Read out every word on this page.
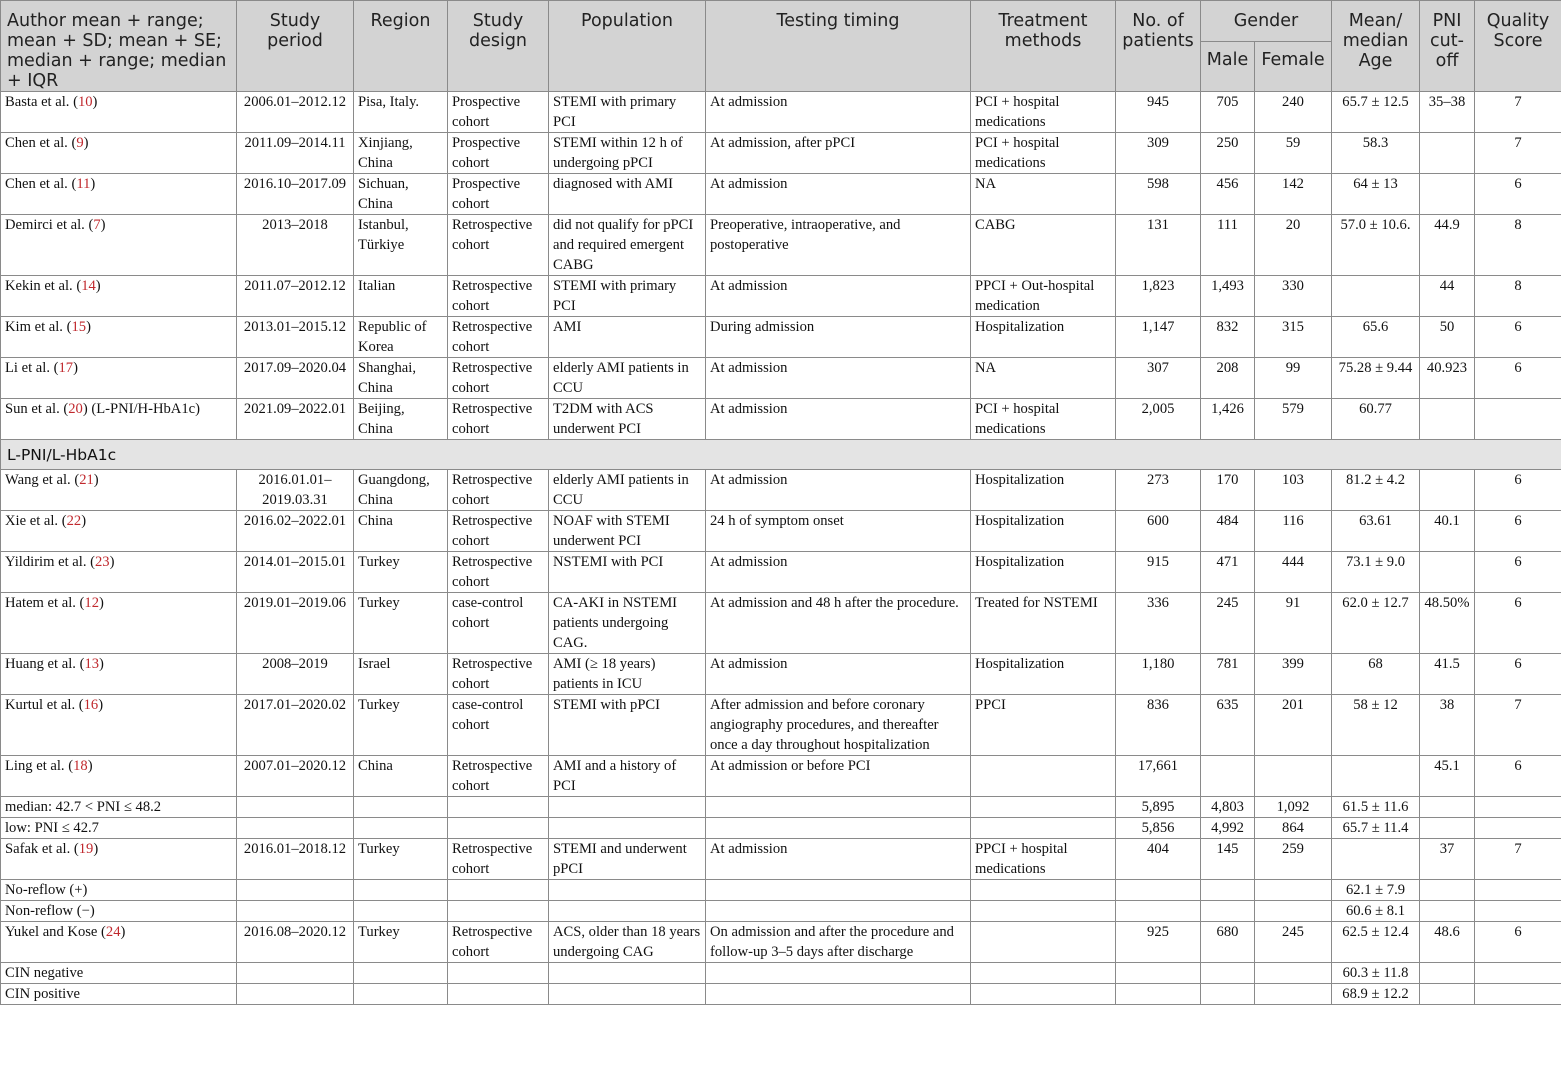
Author mean + range; mean + SD; mean + SE; median + range; median + IQR	Study period	Region	Study design	Population	Testing timing	Treatment methods	No. of patients	Gender		Mean/ median Age	PNI cut-off	Quality Score
								Male	Female			
Basta et al. (10)	2006.01–2012.12	Pisa, Italy.	Prospective cohort	STEMI with primary PCI	At admission	PCI + hospital medications	945	705	240	65.7 ± 12.5	35–38	7
Chen et al. (9)	2011.09–2014.11	Xinjiang, China	Prospective cohort	STEMI within 12 h of undergoing pPCI	At admission, after pPCI	PCI + hospital medications	309	250	59	58.3		7
Chen et al. (11)	2016.10–2017.09	Sichuan, China	Prospective cohort	diagnosed with AMI	At admission	NA	598	456	142	64 ± 13		6
Demirci et al. (7)	2013–2018	Istanbul, Türkiye	Retrospective cohort	did not qualify for pPCI and required emergent CABG	Preoperative, intraoperative, and postoperative	CABG	131	111	20	57.0 ± 10.6.	44.9	8
Kekin et al. (14)	2011.07–2012.12	Italian	Retrospective cohort	STEMI with primary PCI	At admission	PPCI + Out-hospital medication	1,823	1,493	330		44	8
Kim et al. (15)	2013.01–2015.12	Republic of Korea	Retrospective cohort	AMI	During admission	Hospitalization	1,147	832	315	65.6	50	6
Li et al. (17)	2017.09–2020.04	Shanghai, China	Retrospective cohort	elderly AMI patients in CCU	At admission	NA	307	208	99	75.28 ± 9.44	40.923	6
Sun et al. (20) (L-PNI/H-HbA1c)	2021.09–2022.01	Beijing, China	Retrospective cohort	T2DM with ACS underwent PCI	At admission	PCI + hospital medications	2,005	1,426	579	60.77		
L-PNI/L-HbA1c												
Wang et al. (21)	2016.01.01–2019.03.31	Guangdong, China	Retrospective cohort	elderly AMI patients in CCU	At admission	Hospitalization	273	170	103	81.2 ± 4.2		6
Xie et al. (22)	2016.02–2022.01	China	Retrospective cohort	NOAF with STEMI underwent PCI	24 h of symptom onset	Hospitalization	600	484	116	63.61	40.1	6
Yildirim et al. (23)	2014.01–2015.01	Turkey	Retrospective cohort	NSTEMI with PCI	At admission	Hospitalization	915	471	444	73.1 ± 9.0		6
Hatem et al. (12)	2019.01–2019.06	Turkey	case-control cohort	CA-AKI in NSTEMI patients undergoing CAG.	At admission and 48 h after the procedure.	Treated for NSTEMI	336	245	91	62.0 ± 12.7	48.50%	6
Huang et al. (13)	2008–2019	Israel	Retrospective cohort	AMI (≥ 18 years) patients in ICU	At admission	Hospitalization	1,180	781	399	68	41.5	6
Kurtul et al. (16)	2017.01–2020.02	Turkey	case-control cohort	STEMI with pPCI	After admission and before coronary angiography procedures, and thereafter once a day throughout hospitalization	PPCI	836	635	201	58 ± 12	38	7
Ling et al. (18)	2007.01–2020.12	China	Retrospective cohort	AMI and a history of PCI	At admission or before PCI		17,661				45.1	6
median: 42.7 < PNI ≤ 48.2							5,895	4,803	1,092	61.5 ± 11.6		
low: PNI ≤ 42.7							5,856	4,992	864	65.7 ± 11.4		
Safak et al. (19)	2016.01–2018.12	Turkey	Retrospective cohort	STEMI and underwent pPCI	At admission	PPCI + hospital medications	404	145	259		37	7
No-reflow (+)										62.1 ± 7.9		
Non-reflow (−)										60.6 ± 8.1		
Yukel and Kose (24)	2016.08–2020.12	Turkey	Retrospective cohort	ACS, older than 18 years undergoing CAG	On admission and after the procedure and follow-up 3–5 days after discharge		925	680	245	62.5 ± 12.4	48.6	6
CIN negative										60.3 ± 11.8		
CIN positive										68.9 ± 12.2		
